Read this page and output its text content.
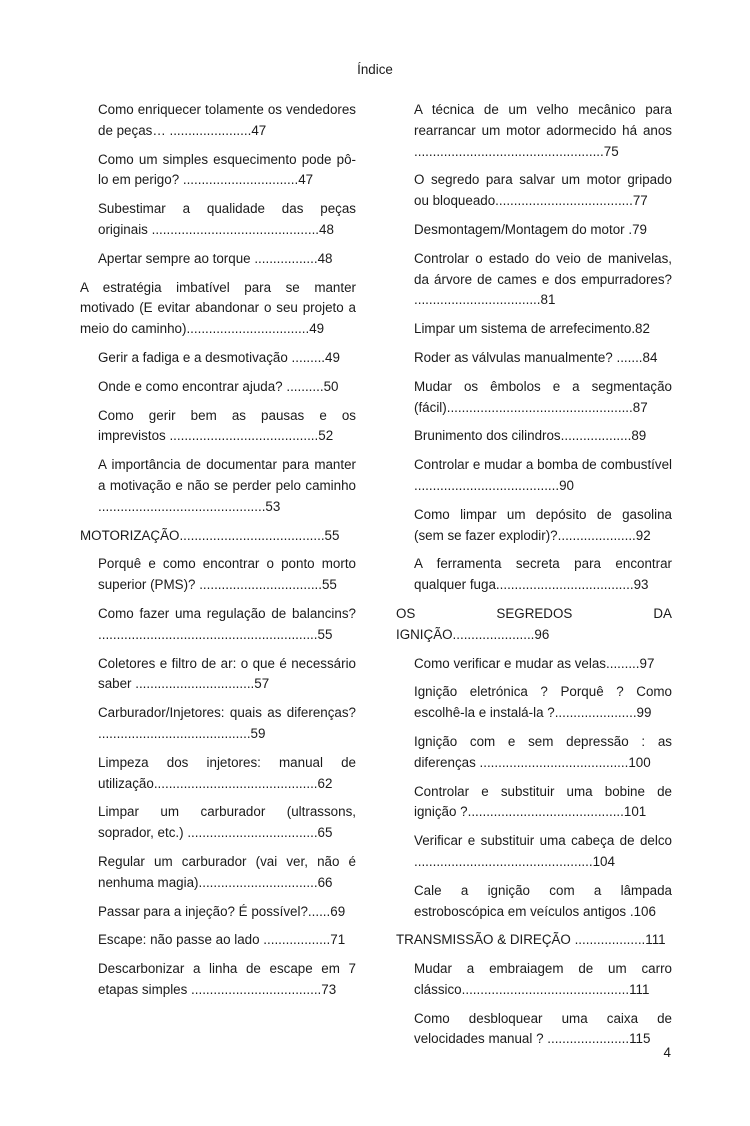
Índice
Como enriquecer tolamente os vendedores de peças… ......................47
Como um simples esquecimento pode pô-lo em perigo? ...............................47
Subestimar a qualidade das peças originais .............................................48
Apertar sempre ao torque .................48
A estratégia imbatível para se manter motivado (E evitar abandonar o seu projeto a meio do caminho).................................49
Gerir a fadiga e a desmotivação .........49
Onde e como encontrar ajuda? ..........50
Como gerir bem as pausas e os imprevistos ........................................52
A importância de documentar para manter a motivação e não se perder pelo caminho .............................................53
MOTORIZAÇÃO.......................................55
Porquê e como encontrar o ponto morto superior (PMS)? .................................55
Como fazer uma regulação de balancins? ...........................................................55
Coletores e filtro de ar: o que é necessário saber ................................57
Carburador/Injetores: quais as diferenças? .........................................59
Limpeza dos injetores: manual de utilização............................................62
Limpar um carburador (ultrassons, soprador, etc.) ...................................65
Regular um carburador (vai ver, não é nenhuma magia)................................66
Passar para a injeção? É possível?......69
Escape: não passe ao lado ..................71
Descarbonizar a linha de escape em 7 etapas simples ...................................73
A técnica de um velho mecânico para rearrancar um motor adormecido há anos ...................................................75
O segredo para salvar um motor gripado ou bloqueado.....................................77
Desmontagem/Montagem do motor .79
Controlar o estado do veio de manivelas, da árvore de cames e dos empurradores? ..................................81
Limpar um sistema de arrefecimento.82
Roder as válvulas manualmente? .......84
Mudar os êmbolos e a segmentação (fácil)..................................................87
Brunimento dos cilindros...................89
Controlar e mudar a bomba de combustível .......................................90
Como limpar um depósito de gasolina (sem se fazer explodir)?.....................92
A ferramenta secreta para encontrar qualquer fuga.....................................93
OS SEGREDOS DA IGNIÇÃO......................96
Como verificar e mudar as velas.........97
Ignição eletrónica ? Porquê ? Como escolhê-la e instalá-la ?......................99
Ignição com e sem depressão : as diferenças ........................................100
Controlar e substituir uma bobine de ignição ?..........................................101
Verificar e substituir uma cabeça de delco ................................................104
Cale a ignição com a lâmpada estroboscópica em veículos antigos .106
TRANSMISSÃO & DIREÇÃO ...................111
Mudar a embraiagem de um carro clássico.............................................111
Como desbloquear uma caixa de velocidades manual ? ......................115
4
